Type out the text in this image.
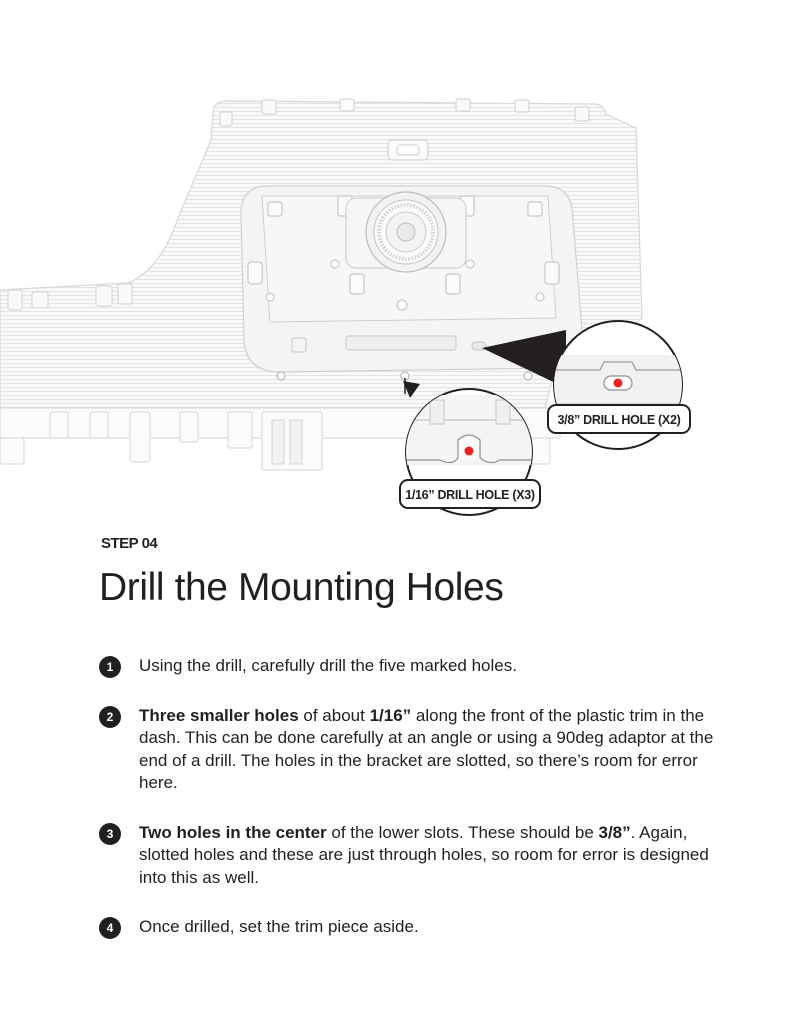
3/8” DRILL HOLE (X2)
1/16” DRILL HOLE (X3)
STEP 04
Drill the Mounting Holes
1	Using the drill, carefully drill the five marked holes.
2	Three smaller holes of about 1/16” along the front of the plastic trim in the dash. This can be done carefully at an angle or using a 90deg adaptor at the end of a drill. The holes in the bracket are slotted, so there’s room for error here.
3	Two holes in the center of the lower slots. These should be 3/8”. Again, slotted holes and these are just through holes, so room for error is designed into this as well.
4	Once drilled, set the trim piece aside.
